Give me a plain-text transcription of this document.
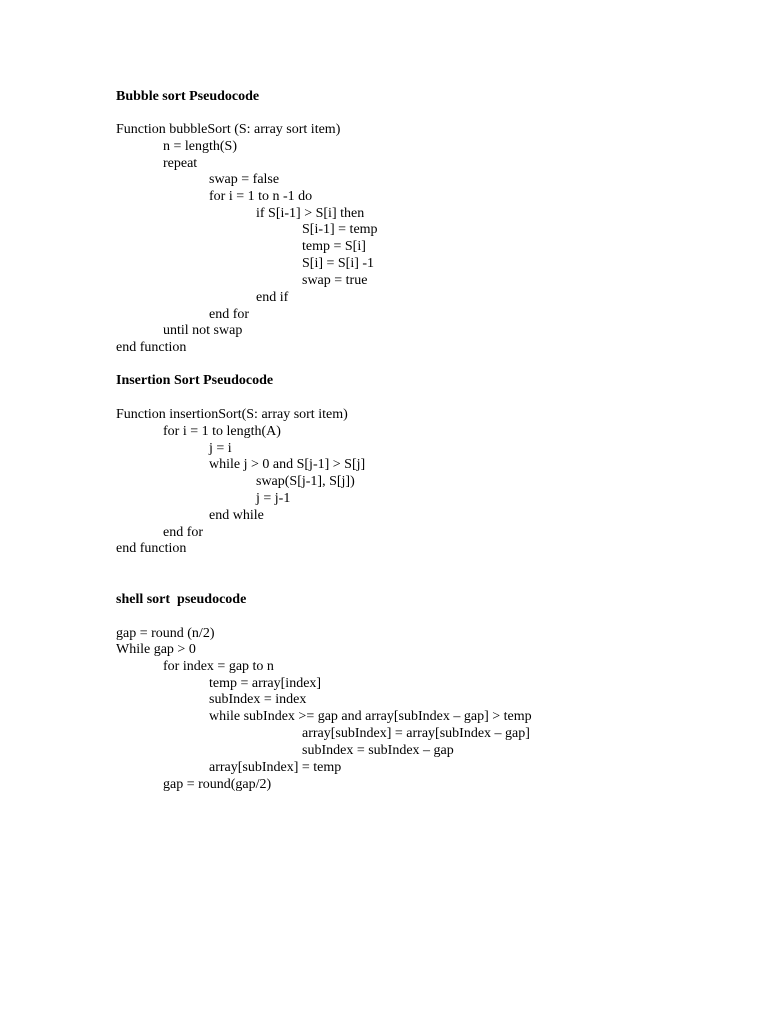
Bubble sort Pseudocode
Function bubbleSort (S: array sort item)
n = length(S)
repeat
swap = false
for i = 1 to n -1 do
if S[i-1] > S[i] then
S[i-1] = temp
temp = S[i]
S[i] = S[i] -1
swap = true
end if
end for
until not swap
end function
Insertion Sort Pseudocode
Function insertionSort(S: array sort item)
for i = 1 to length(A)
j = i
while j > 0 and S[j-1] > S[j]
swap(S[j-1], S[j])
j = j-1
end while
end for
end function
shell sort  pseudocode
gap = round (n/2)
While gap > 0
for index = gap to n
temp = array[index]
subIndex = index
while subIndex >= gap and array[subIndex – gap] > temp
array[subIndex] = array[subIndex – gap]
subIndex = subIndex – gap
array[subIndex] = temp
gap = round(gap/2)
